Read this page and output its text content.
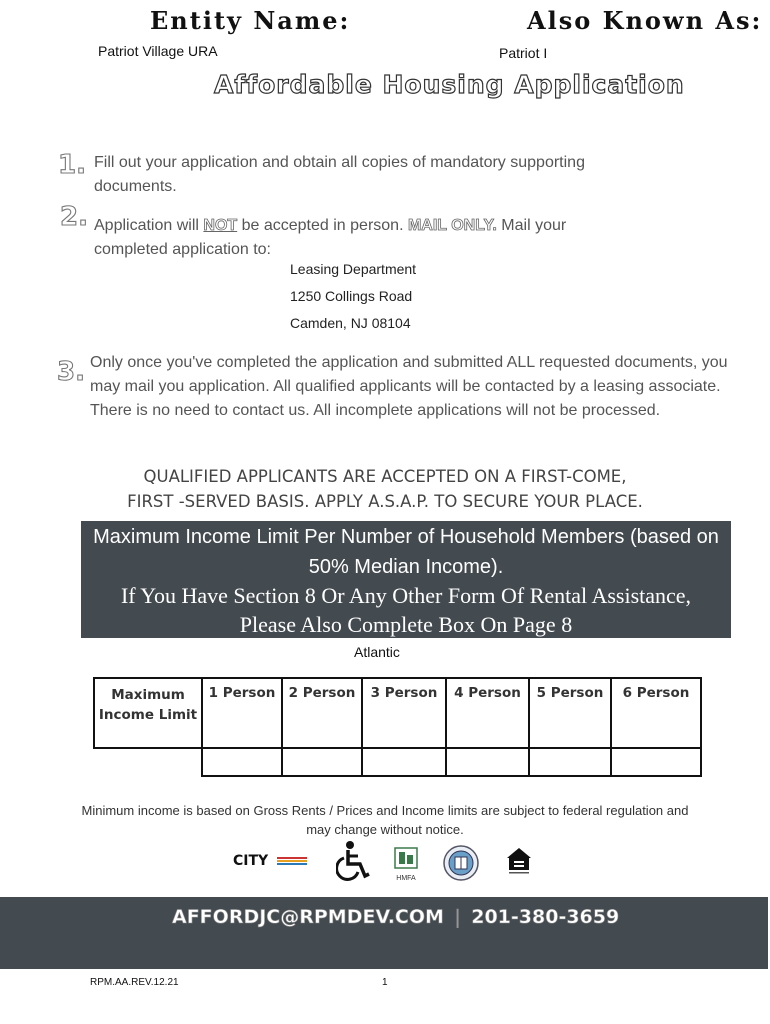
Entity Name:
Patriot Village URA
Also Known As:
Patriot I
Affordable Housing Application
1. Fill out your application and obtain all copies of mandatory supporting documents.
2. Application will NOT be accepted in person. MAIL ONLY. Mail your completed application to:
Leasing Department
1250 Collings Road
Camden, NJ 08104
3. Only once you've completed the application and submitted ALL requested documents, you may mail you application. All qualified applicants will be contacted by a leasing associate. There is no need to contact us. All incomplete applications will not be processed.
QUALIFIED APPLICANTS ARE ACCEPTED ON A FIRST-COME,
FIRST -SERVED BASIS. APPLY A.S.A.P. TO SECURE YOUR PLACE.
Maximum Income Limit Per Number of Household Members (based on
50% Median Income).
If You Have Section 8 Or Any Other Form Of Rental Assistance,
Please Also Complete Box On Page 8
Atlantic
Maximum Income Limit	1 Person	2 Person	3 Person	4 Person	5 Person	6 Person

Minimum income is based on Gross Rents / Prices and Income limits are subject to federal regulation and
may change without notice.
CITY
HMFA
AFFORDJC@RPMDEV.COM | 201-380-3659
RPM.AA.REV.12.21	1
